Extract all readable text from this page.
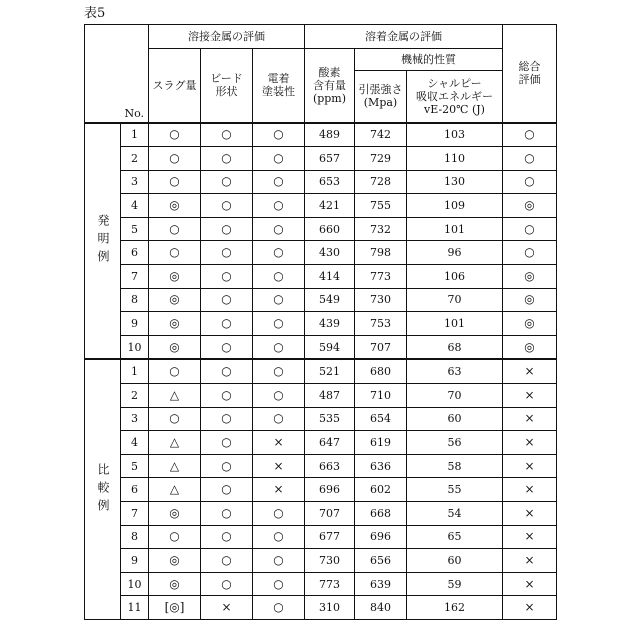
表5
No.	溶接金属の評価	溶着金属の評価	総合
評価
スラグ量	ビード
形状	電着
塗装性	酸素
含有量
(ppm)	機械的性質
引張強さ
(Mpa)	シャルピー
吸収エネルギー
vE-20℃ (J)

発明例
	1	○	○	○	489	742	103	○
2	○	○	○	657	729	110	○
3	○	○	○	653	728	130	○
4	◎	○	○	421	755	109	◎
5	○	○	○	660	732	101	○
6	○	○	○	430	798	96	○
7	◎	○	○	414	773	106	◎
8	◎	○	○	549	730	70	◎
9	◎	○	○	439	753	101	◎
10	◎	○	○	594	707	68	◎

比較例
	1	○	○	○	521	680	63	×
2	△	○	○	487	710	70	×
3	○	○	○	535	654	60	×
4	△	○	×	647	619	56	×
5	△	○	×	663	636	58	×
6	△	○	×	696	602	55	×
7	◎	○	○	707	668	54	×
8	○	○	○	677	696	65	×
9	◎	○	○	730	656	60	×
10	◎	○	○	773	639	59	×
11	[◎]	×	○	310	840	162	×
